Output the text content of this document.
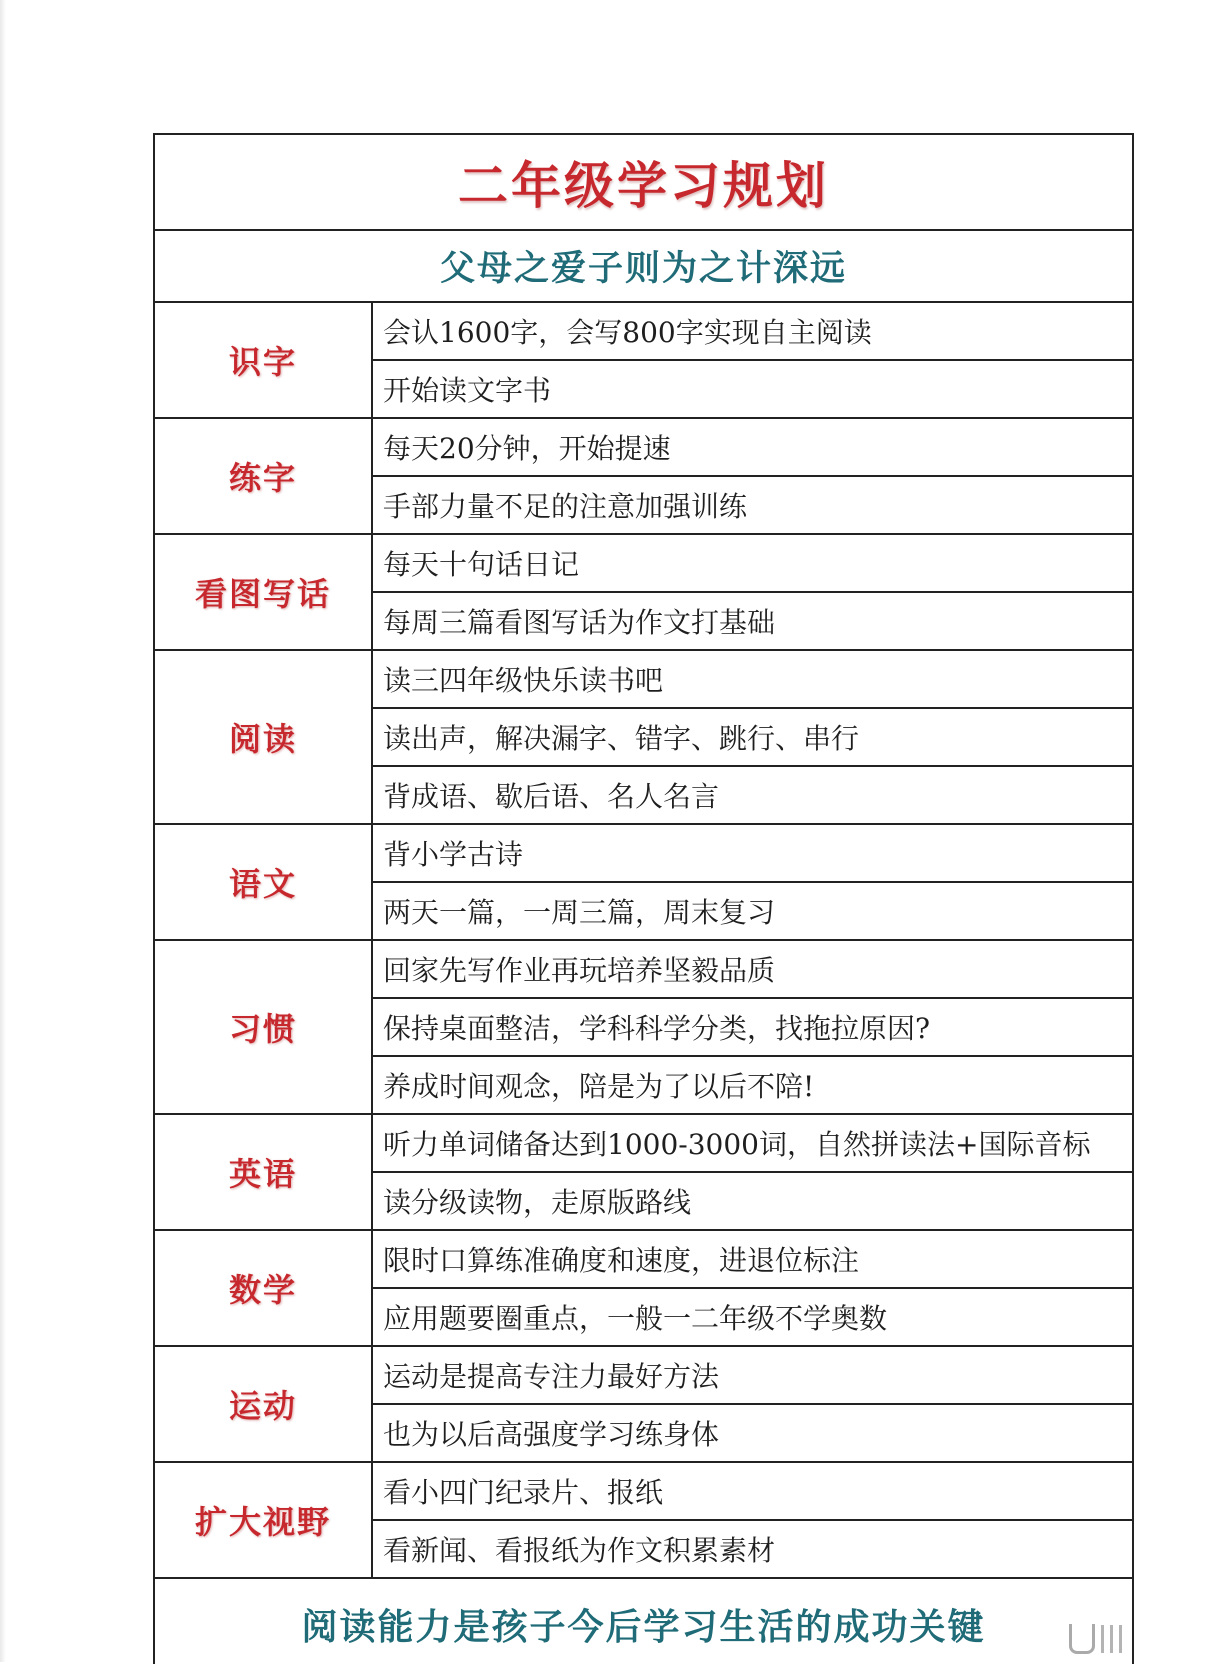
二年级学习规划
父母之爱子则为之计深远
识字
会认1600字，会写800字实现自主阅读
开始读文字书
练字
每天20分钟，开始提速
手部力量不足的注意加强训练
看图写话
每天十句话日记
每周三篇看图写话为作文打基础
阅读
读三四年级快乐读书吧
读出声，解决漏字、错字、跳行、串行
背成语、歇后语、名人名言
语文
背小学古诗
两天一篇，一周三篇，周末复习
习惯
回家先写作业再玩培养坚毅品质
保持桌面整洁，学科科学分类，找拖拉原因?
养成时间观念，陪是为了以后不陪!
英语
听力单词储备达到1000-3000词，自然拼读法+国际音标
读分级读物，走原版路线
数学
限时口算练准确度和速度，进退位标注
应用题要圈重点，一般一二年级不学奥数
运动
运动是提高专注力最好方法
也为以后高强度学习练身体
扩大视野
看小四门纪录片、报纸
看新闻、看报纸为作文积累素材
阅读能力是孩子今后学习生活的成功关键
